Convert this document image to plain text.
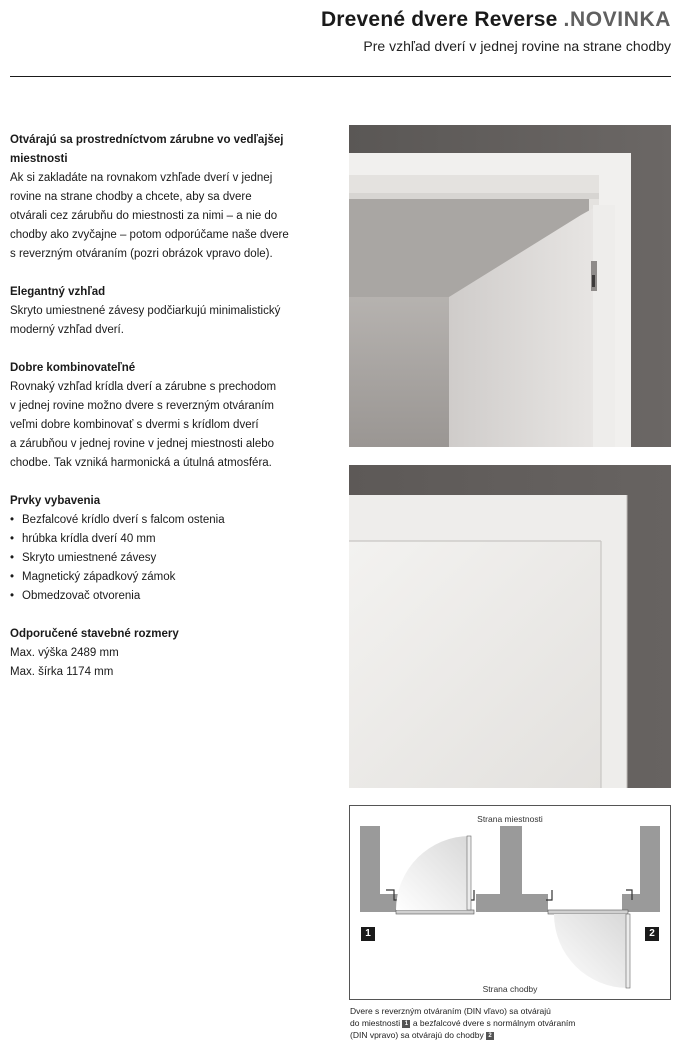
Drevené dvere Reverse .NOVINKA
Pre vzhľad dverí v jednej rovine na strane chodby
Otvárajú sa prostredníctvom zárubne vo vedľajšej miestnosti

Ak si zakladáte na rovnakom vzhľade dverí v jednej

rovine na strane chodby a chcete, aby sa dvere

otvárali cez zárubňu do miestnosti za nimi – a nie do

chodby ako zvyčajne – potom odporúčame naše dvere

s reverzným otváraním (pozri obrázok vpravo dole).

Elegantný vzhľad

Skryto umiestnené závesy podčiarkujú minimalistický

moderný vzhľad dverí.

Dobre kombinovateľné

Rovnaký vzhľad krídla dverí a zárubne s prechodom

v jednej rovine možno dvere s reverzným otváraním

veľmi dobre kombinovať s dvermi s krídlom dverí

a zárubňou v jednej rovine v jednej miestnosti alebo

chodbe. Tak vzniká harmonická a útulná atmosféra.

Prvky vybavenia
• Bezfalcové krídlo dverí s falcom ostenia
• hrúbka krídla dverí 40 mm
• Skryto umiestnené závesy
• Magnetický západkový zámok
• Obmedzovač otvorenia
Odporučené stavebné rozmery

Max. výška 2489 mm

Max. šírka 1174 mm

Strana miestnosti
Strana chodby
1	2

Dvere s reverzným otváraním (DIN vľavo) sa otvárajú

do miestnosti 1 a bezfalcové dvere s normálnym otváraním

(DIN vpravo) sa otvárajú do chodby 2
